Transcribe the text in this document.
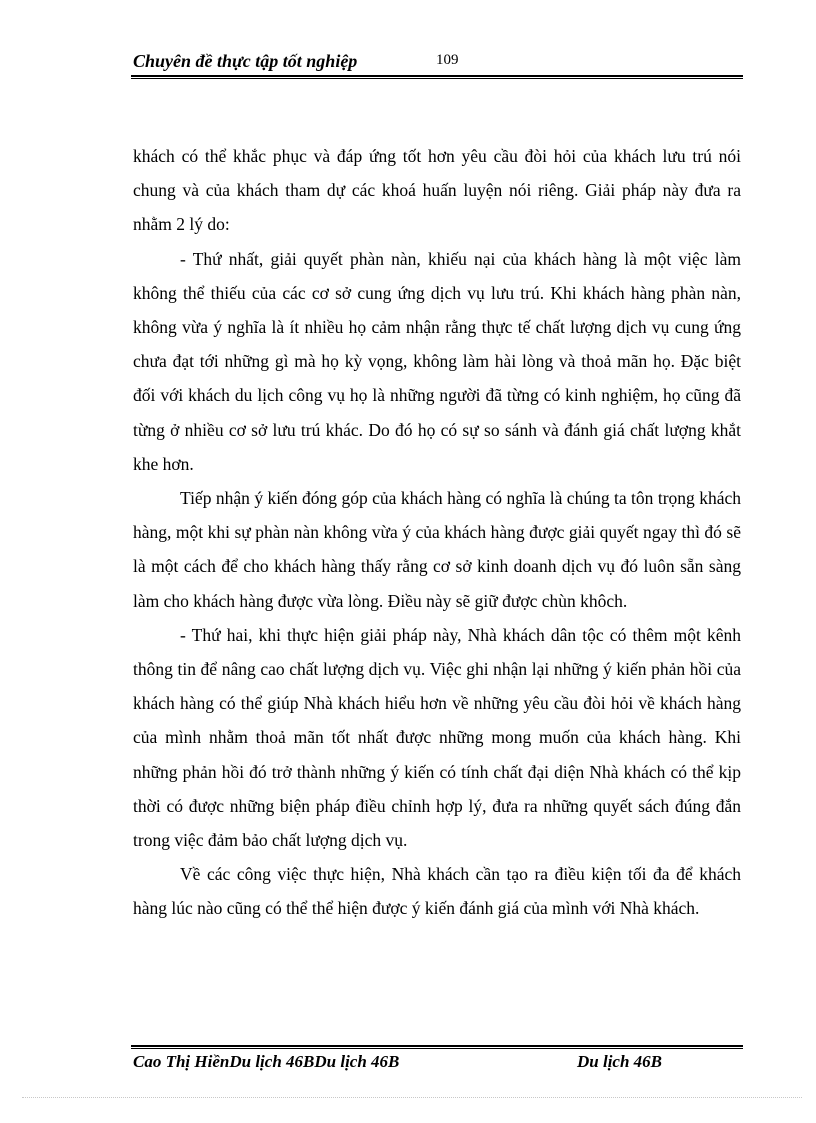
Chuyên đề thực tập tốt nghiệp	109

khách có thể khắc phục và đáp ứng tốt hơn yêu cầu đòi hỏi của khách lưu trú nói chung và của khách tham dự các khoá huấn luyện nói riêng. Giải pháp này đưa ra nhằm 2 lý do:

- Thứ nhất, giải quyết phàn nàn, khiếu nại của khách hàng là một việc làm không thể thiếu của các cơ sở cung ứng dịch vụ lưu trú. Khi khách hàng phàn nàn, không vừa ý nghĩa là ít nhiều họ cảm nhận rằng thực tế chất lượng dịch vụ cung ứng chưa đạt tới những gì mà họ kỳ vọng, không làm hài lòng và thoả mãn họ. Đặc biệt đối với khách du lịch công vụ họ là những người đã từng có kinh nghiệm, họ cũng đã từng ở nhiều cơ sở lưu trú khác. Do đó họ có sự so sánh và đánh giá chất lượng khắt khe hơn.

Tiếp nhận ý kiến đóng góp của khách hàng có nghĩa là chúng ta tôn trọng khách hàng, một khi sự phàn nàn không vừa ý của khách hàng được giải quyết ngay thì đó sẽ là một cách để cho khách hàng thấy rằng cơ sở kinh doanh dịch vụ đó luôn sẵn sàng làm cho khách hàng được vừa lòng. Điều này sẽ giữ được chùn khôch.

- Thứ hai, khi thực hiện giải pháp này, Nhà khách dân tộc có thêm một kênh thông tin để nâng cao chất lượng dịch vụ. Việc ghi nhận lại những ý kiến phản hồi của khách hàng có thể giúp Nhà khách hiểu hơn về những yêu cầu đòi hỏi về khách hàng của mình nhằm thoả mãn tốt nhất được những mong muốn của khách hàng. Khi những phản hồi đó trở thành những ý kiến có tính chất đại diện Nhà khách có thể kịp thời có được những biện pháp điều chỉnh hợp lý, đưa ra những quyết sách đúng đắn trong việc đảm bảo chất lượng dịch vụ.

Về các công việc thực hiện, Nhà khách cần tạo ra điều kiện tối đa để khách hàng lúc nào cũng có thể thể hiện được ý kiến đánh giá của mình với Nhà khách.

Cao Thị HiềnDu lịch 46BDu lịch 46B	Du lịch 46B
